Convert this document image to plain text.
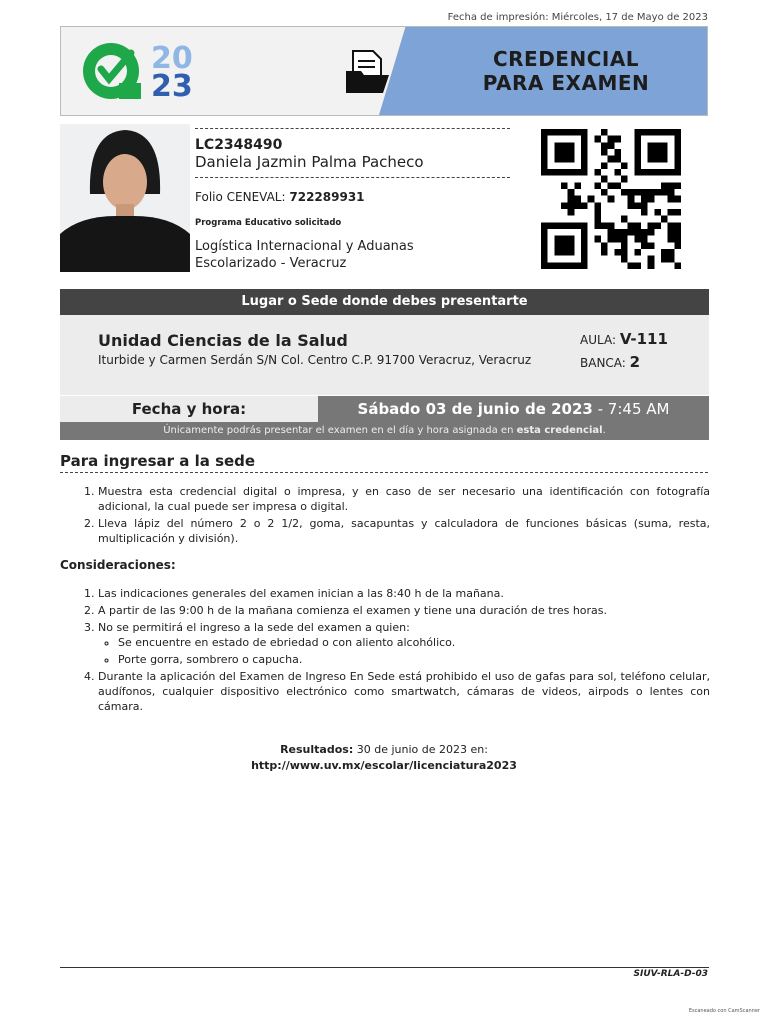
Fecha de impresión: Miércoles, 17 de Mayo de 2023
20
23
CREDENCIAL
PARA EXAMEN
LC2348490
Daniela Jazmin Palma Pacheco
Folio CENEVAL: 722289931
Programa Educativo solicitado
Logística Internacional y Aduanas
Escolarizado - Veracruz
Lugar o Sede donde debes presentarte
Unidad Ciencias de la Salud
Iturbide y Carmen Serdán S/N Col. Centro C.P. 91700 Veracruz, Veracruz
AULA: V-111
BANCA: 2
Fecha y hora:	Sábado 03 de junio de 2023 - 7:45 AM
Únicamente podrás presentar el examen en el día y hora asignada en esta credencial.
Para ingresar a la sede
1. Muestra esta credencial digital o impresa, y en caso de ser necesario una identificación con fotografía adicional, la cual puede ser impresa o digital.
2. Lleva lápiz del número 2 o 2 1/2, goma, sacapuntas y calculadora de funciones básicas (suma, resta, multiplicación y división).
Consideraciones:
1. Las indicaciones generales del examen inician a las 8:40 h de la mañana.
2. A partir de las 9:00 h de la mañana comienza el examen y tiene una duración de tres horas.
3. No se permitirá el ingreso a la sede del examen a quien:
◦ Se encuentre en estado de ebriedad o con aliento alcohólico.
◦ Porte gorra, sombrero o capucha.
4. Durante la aplicación del Examen de Ingreso En Sede está prohibido el uso de gafas para sol, teléfono celular, audífonos, cualquier dispositivo electrónico como smartwatch, cámaras de videos, airpods o lentes con cámara.
Resultados: 30 de junio de 2023 en:
http://www.uv.mx/escolar/licenciatura2023
SIUV-RLA-D-03
Escaneado con CamScanner
